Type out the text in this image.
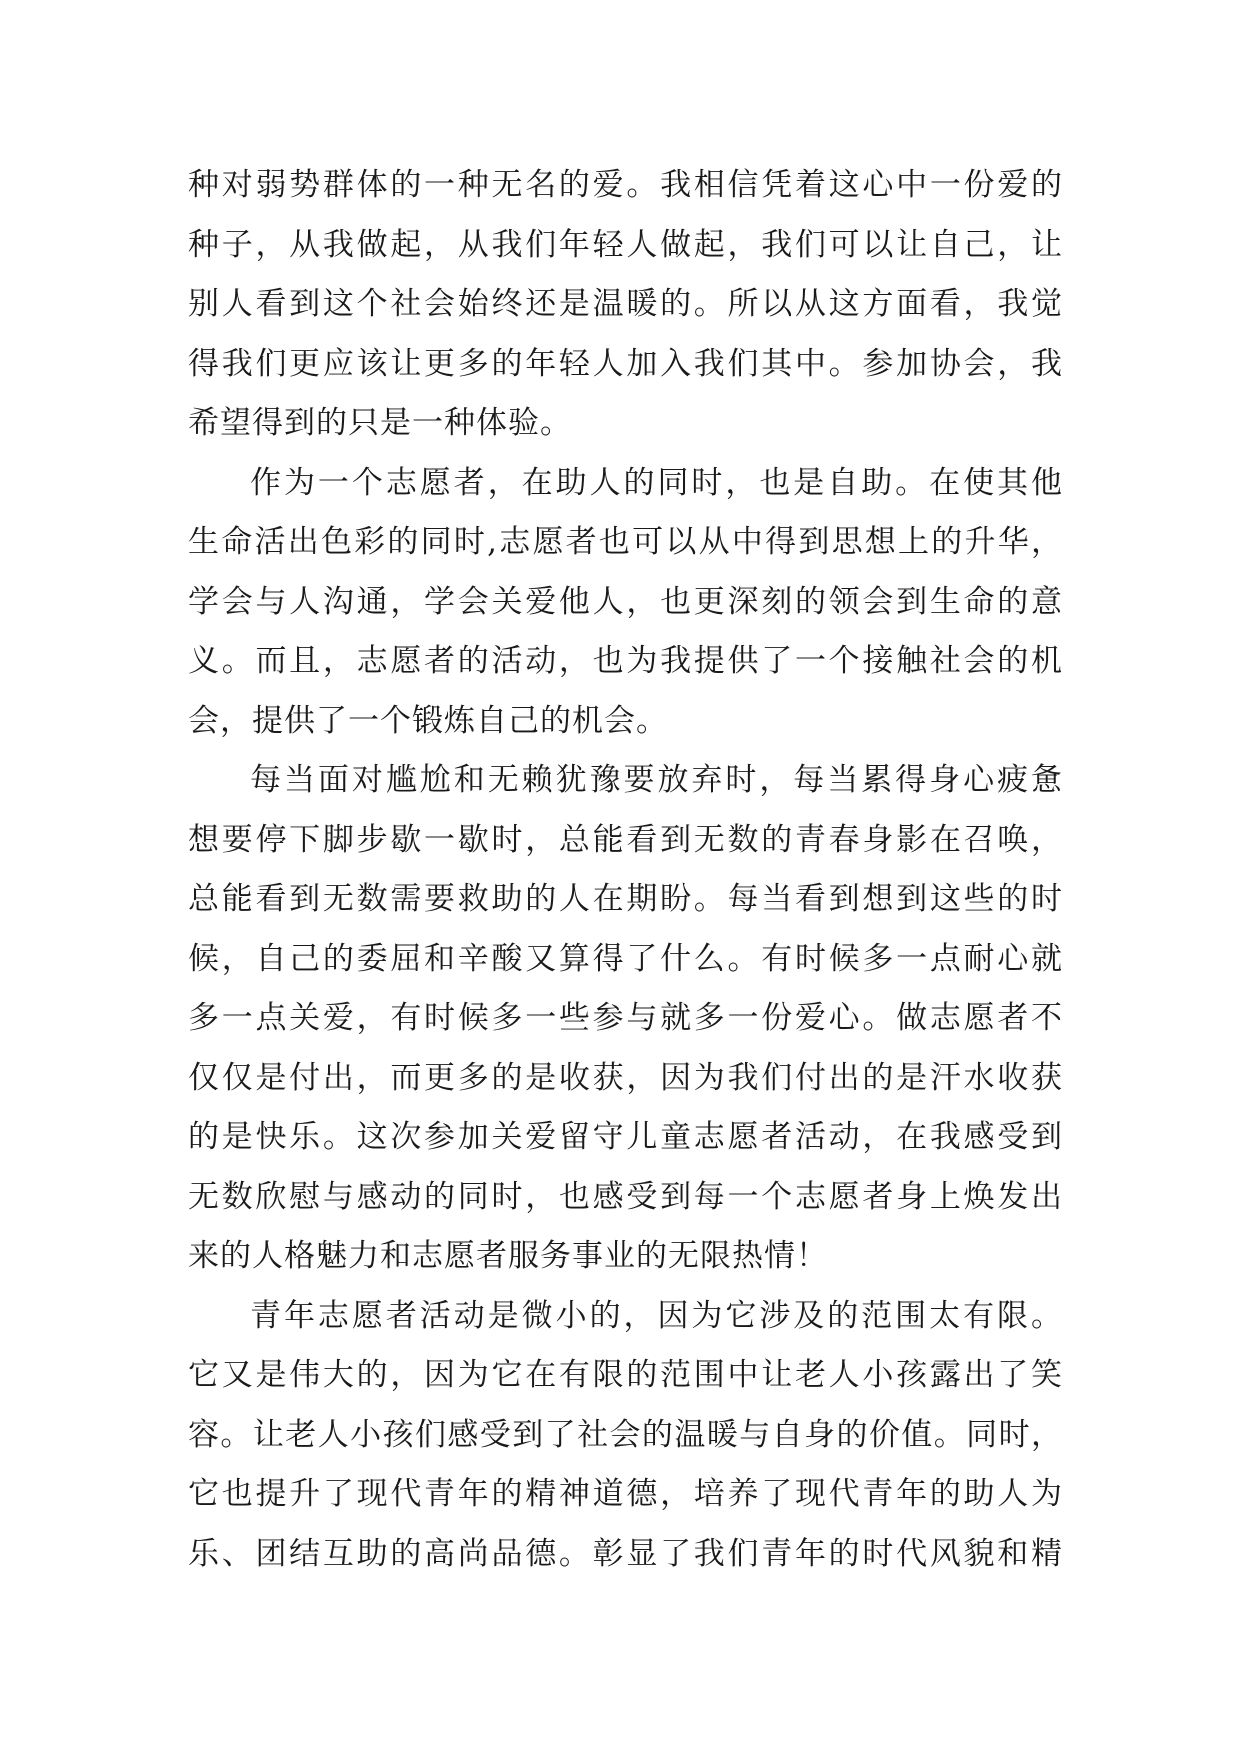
种对弱势群体的一种无名的爱。我相信凭着这心中一份爱的
种子，从我做起，从我们年轻人做起，我们可以让自己，让
别人看到这个社会始终还是温暖的。所以从这方面看，我觉
得我们更应该让更多的年轻人加入我们其中。参加协会，我
希望得到的只是一种体验。
作为一个志愿者，在助人的同时，也是自助。在使其他
生命活出色彩的同时,志愿者也可以从中得到思想上的升华，
学会与人沟通，学会关爱他人，也更深刻的领会到生命的意
义。而且，志愿者的活动，也为我提供了一个接触社会的机
会，提供了一个锻炼自己的机会。
每当面对尴尬和无赖犹豫要放弃时，每当累得身心疲惫
想要停下脚步歇一歇时，总能看到无数的青春身影在召唤，
总能看到无数需要救助的人在期盼。每当看到想到这些的时
候，自己的委屈和辛酸又算得了什么。有时候多一点耐心就
多一点关爱，有时候多一些参与就多一份爱心。做志愿者不
仅仅是付出，而更多的是收获，因为我们付出的是汗水收获
的是快乐。这次参加关爱留守儿童志愿者活动，在我感受到
无数欣慰与感动的同时，也感受到每一个志愿者身上焕发出
来的人格魅力和志愿者服务事业的无限热情！
青年志愿者活动是微小的，因为它涉及的范围太有限。
它又是伟大的，因为它在有限的范围中让老人小孩露出了笑
容。让老人小孩们感受到了社会的温暖与自身的价值。同时，
它也提升了现代青年的精神道德，培养了现代青年的助人为
乐、团结互助的高尚品德。彰显了我们青年的时代风貌和精
